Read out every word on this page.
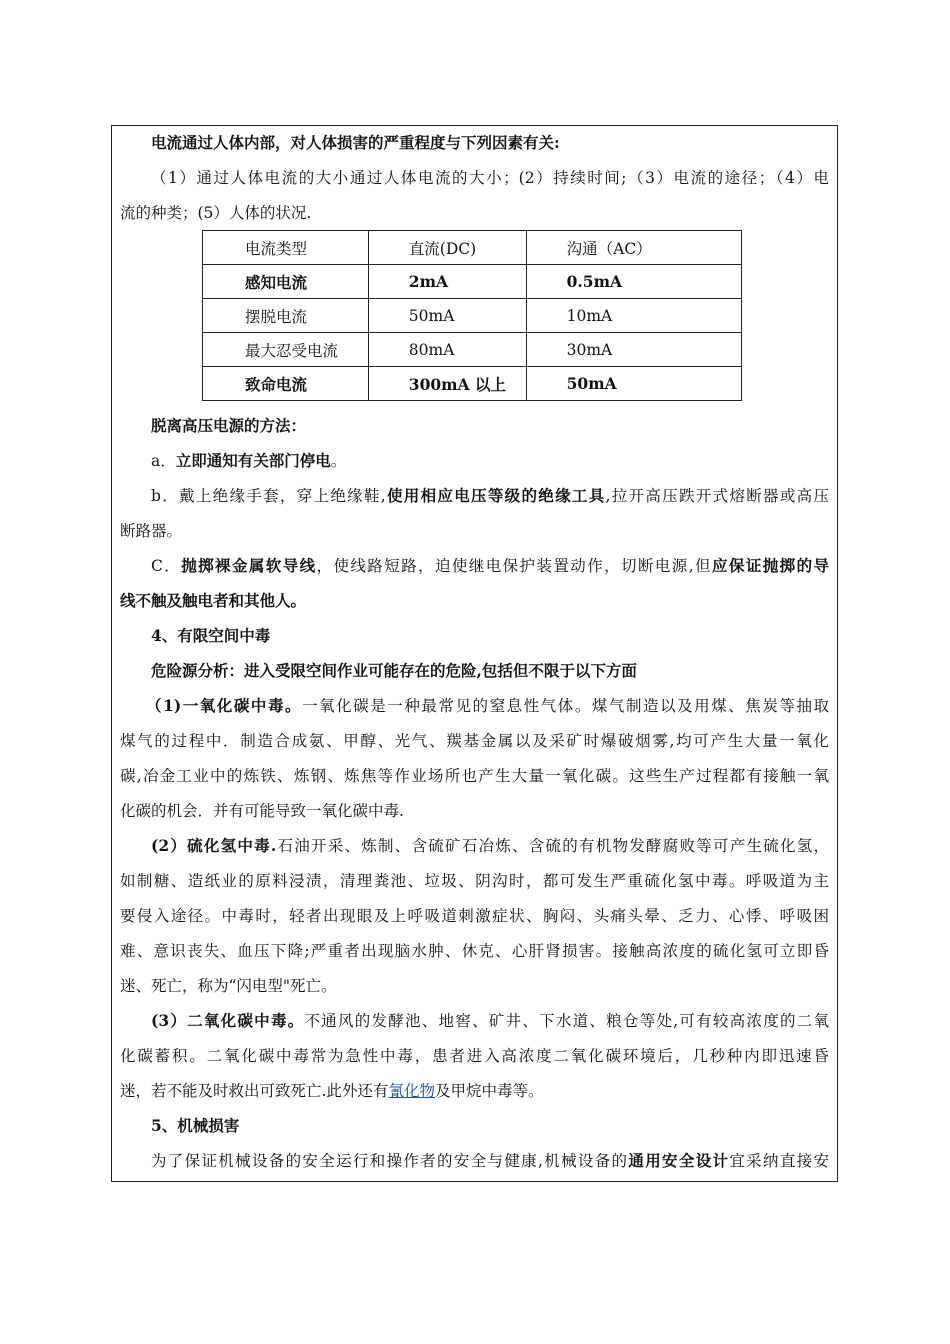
电流通过人体内部，对人体损害的严重程度与下列因素有关:
（1）通过人体电流的大小通过人体电流的大小；(2）持续时间;（3）电流的途径；（4）电
流的种类；(5）人体的状况.
电流类型	直流(DC)	沟通（AC）
感知电流	2mA	0.5mA
摆脱电流	50mA	10mA
最大忍受电流	80mA	30mA
致命电流	300mA 以上	50mA
脱离高压电源的方法：
a．立即通知有关部门停电。
b．戴上绝缘手套，穿上绝缘鞋,使用相应电压等级的绝缘工具,拉开高压跌开式熔断器或高压
断路器。
C．抛掷裸金属软导线，使线路短路，迫使继电保护装置动作，切断电源,但应保证抛掷的导
线不触及触电者和其他人。
4、有限空间中毒
危险源分析：进入受限空间作业可能存在的危险,包括但不限于以下方面
（1)一氧化碳中毒。一氧化碳是一种最常见的窒息性气体。煤气制造以及用煤、焦炭等抽取
煤气的过程中．制造合成氨、甲醇、光气、羰基金属以及采矿时爆破烟雾,均可产生大量一氧化
碳,冶金工业中的炼铁、炼钢、炼焦等作业场所也产生大量一氧化碳。这些生产过程都有接触一氧
化碳的机会．并有可能导致一氧化碳中毒.
(2）硫化氢中毒.石油开采、炼制、含硫矿石冶炼、含硫的有机物发酵腐败等可产生硫化氢，
如制糖、造纸业的原料浸渍，清理粪池、垃圾、阴沟时，都可发生严重硫化氢中毒。呼吸道为主
要侵入途径。中毒时，轻者出现眼及上呼吸道刺激症状、胸闷、头痛头晕、乏力、心悸、呼吸困
难、意识丧失、血压下降;严重者出现脑水肿、休克、心肝肾损害。接触高浓度的硫化氢可立即昏
迷、死亡，称为“闪电型"死亡。
(3）二氧化碳中毒。不通风的发酵池、地窖、矿井、下水道、粮仓等处,可有较高浓度的二氧
化碳蓄积。二氧化碳中毒常为急性中毒，患者进入高浓度二氧化碳环境后，几秒种内即迅速昏
迷，若不能及时救出可致死亡.此外还有氰化物及甲烷中毒等。
5、机械损害
为了保证机械设备的安全运行和操作者的安全与健康,机械设备的通用安全设计宜采纳直接安
